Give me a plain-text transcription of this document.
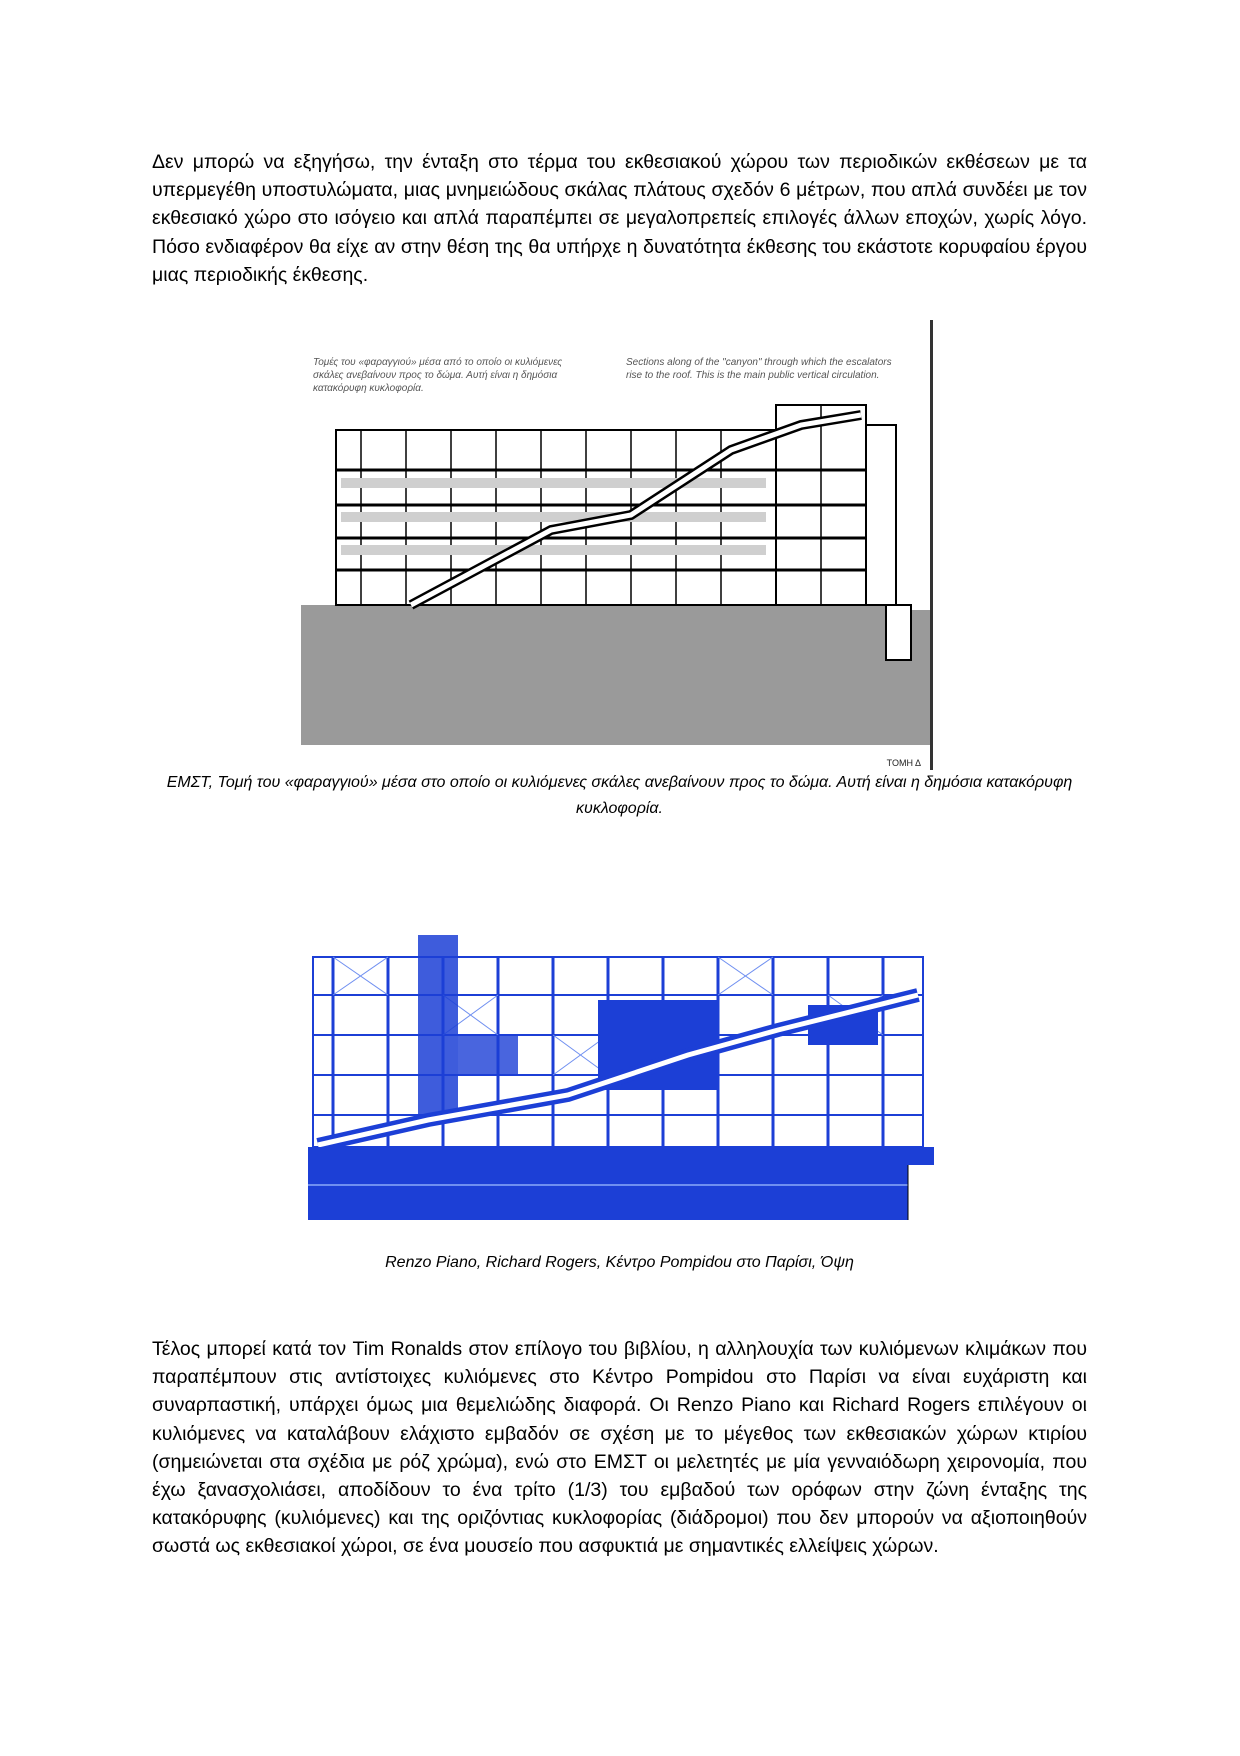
Δεν μπορώ να εξηγήσω, την ένταξη στο τέρμα του εκθεσιακού χώρου των περιοδικών εκθέσεων με τα υπερμεγέθη υποστυλώματα, μιας μνημειώδους σκάλας πλάτους σχεδόν 6 μέτρων, που απλά συνδέει με τον εκθεσιακό χώρο στο ισόγειο και απλά παραπέμπει σε μεγαλοπρεπείς επιλογές άλλων εποχών, χωρίς λόγο. Πόσο ενδιαφέρον θα είχε αν στην θέση της θα υπήρχε η δυνατότητα έκθεσης του εκάστοτε κορυφαίου έργου μιας περιοδικής έκθεσης.

Τομές του «φαραγγιού» μέσα από το οποίο οι κυλιόμενες σκάλες ανεβαίνουν προς το δώμα. Αυτή είναι η δημόσια κατακόρυφη κυκλοφορία.
Sections along of the "canyon" through which the escalators rise to the roof. This is the main public vertical circulation.
ΤΟΜΗ Δ

ΕΜΣΤ, Τομή του «φαραγγιού» μέσα στο οποίο οι κυλιόμενες σκάλες ανεβαίνουν προς το δώμα. Αυτή είναι η δημόσια κατακόρυφη κυκλοφορία.

Renzo Piano, Richard Rogers, Κέντρο Pompidou στο Παρίσι, Όψη

Τέλος μπορεί κατά τον Tim Ronalds στον επίλογο του βιβλίου, η αλληλουχία των κυλιόμενων κλιμάκων που παραπέμπουν στις αντίστοιχες κυλιόμενες στο Κέντρο Pompidou στο Παρίσι να είναι ευχάριστη και συναρπαστική, υπάρχει όμως μια θεμελιώδης διαφορά. Οι Renzo Piano και Richard Rogers επιλέγουν οι κυλιόμενες να καταλάβουν ελάχιστο εμβαδόν σε σχέση με το μέγεθος των εκθεσιακών χώρων κτιρίου (σημειώνεται στα σχέδια με ρόζ χρώμα), ενώ στο ΕΜΣΤ οι μελετητές με μία γενναιόδωρη χειρονομία, που έχω ξανασχολιάσει, αποδίδουν το ένα τρίτο (1/3) του εμβαδού των ορόφων στην ζώνη ένταξης της κατακόρυφης (κυλιόμενες) και της οριζόντιας κυκλοφορίας (διάδρομοι) που δεν μπορούν να αξιοποιηθούν σωστά ως εκθεσιακοί χώροι, σε ένα μουσείο που ασφυκτιά με σημαντικές ελλείψεις χώρων.
